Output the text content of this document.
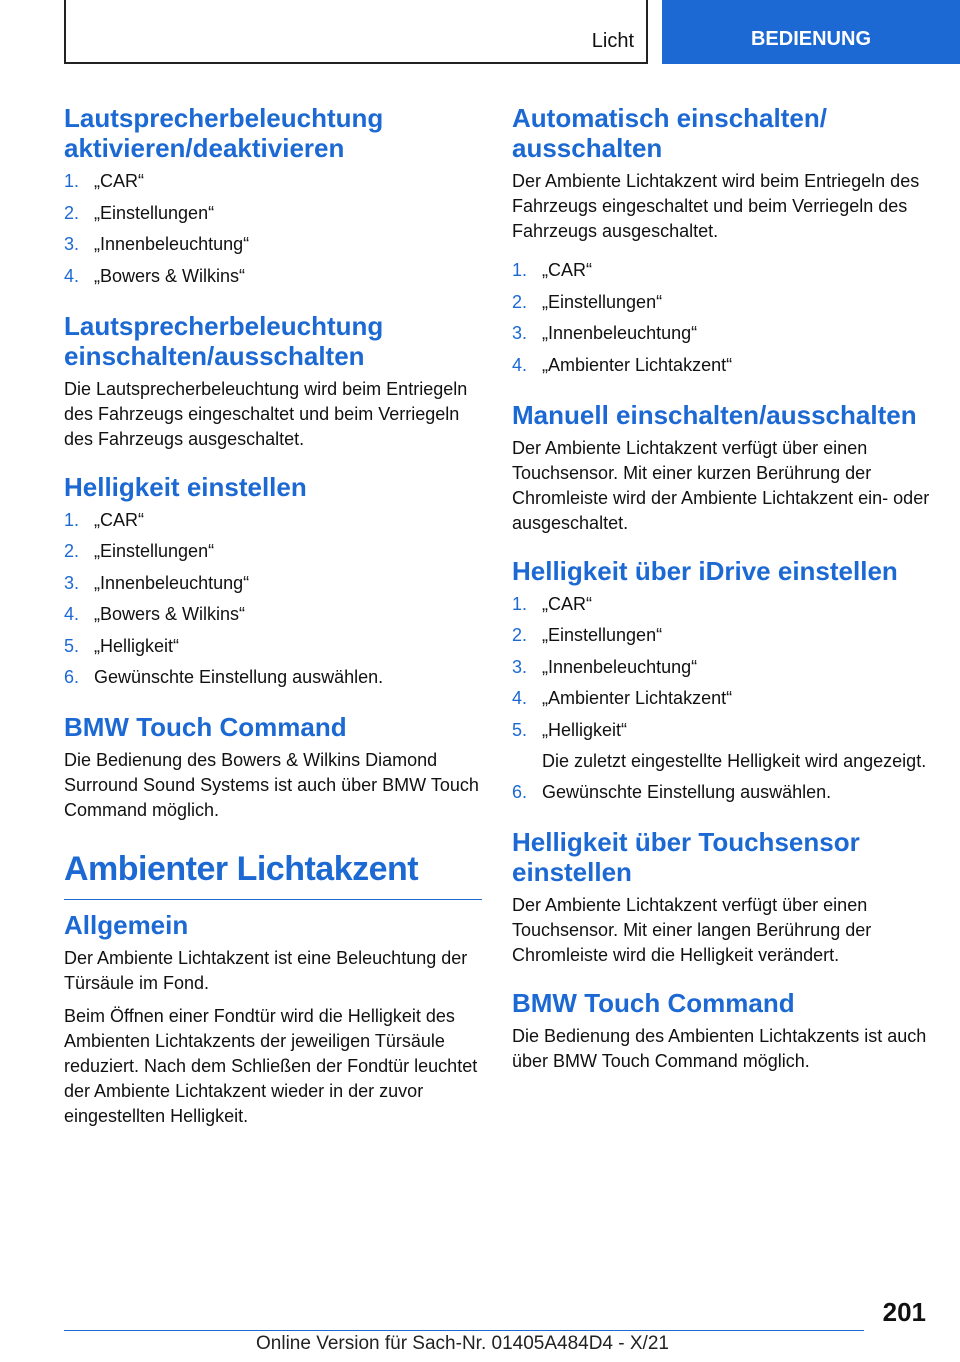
Licht	BEDIENUNG
Lautsprecherbeleuchtung aktivieren/deaktivieren
1. „CAR“
2. „Einstellungen“
3. „Innenbeleuchtung“
4. „Bowers & Wilkins“
Lautsprecherbeleuchtung einschalten/ausschalten

Die Lautsprecherbeleuchtung wird beim Entriegeln des Fahrzeugs eingeschaltet und beim Verriegeln des Fahrzeugs ausgeschaltet.

Helligkeit einstellen
1. „CAR“
2. „Einstellungen“
3. „Innenbeleuchtung“
4. „Bowers & Wilkins“
5. „Helligkeit“
6. Gewünschte Einstellung auswählen.
BMW Touch Command

Die Bedienung des Bowers & Wilkins Diamond Surround Sound Systems ist auch über BMW Touch Command möglich.

Ambienter Lichtakzent
Allgemein

Der Ambiente Lichtakzent ist eine Beleuchtung der Türsäule im Fond.

Beim Öffnen einer Fondtür wird die Helligkeit des Ambienten Lichtakzents der jeweiligen Türsäule reduziert. Nach dem Schließen der Fondtür leuchtet der Ambiente Lichtakzent wieder in der zuvor eingestellten Helligkeit.

Automatisch einschalten/ ausschalten

Der Ambiente Lichtakzent wird beim Entriegeln des Fahrzeugs eingeschaltet und beim Verriegeln des Fahrzeugs ausgeschaltet.

1. „CAR“
2. „Einstellungen“
3. „Innenbeleuchtung“
4. „Ambienter Lichtakzent“
Manuell einschalten/ausschalten

Der Ambiente Lichtakzent verfügt über einen Touchsensor. Mit einer kurzen Berührung der Chromleiste wird der Ambiente Lichtakzent ein- oder ausgeschaltet.

Helligkeit über iDrive einstellen
1. „CAR“
2. „Einstellungen“
3. „Innenbeleuchtung“
4. „Ambienter Lichtakzent“
5. „Helligkeit“
Die zuletzt eingestellte Helligkeit wird angezeigt.
6. Gewünschte Einstellung auswählen.
Helligkeit über Touchsensor einstellen

Der Ambiente Lichtakzent verfügt über einen Touchsensor. Mit einer langen Berührung der Chromleiste wird die Helligkeit verändert.

BMW Touch Command

Die Bedienung des Ambienten Lichtakzents ist auch über BMW Touch Command möglich.

201
Online Version für Sach-Nr. 01405A484D4 - X/21
